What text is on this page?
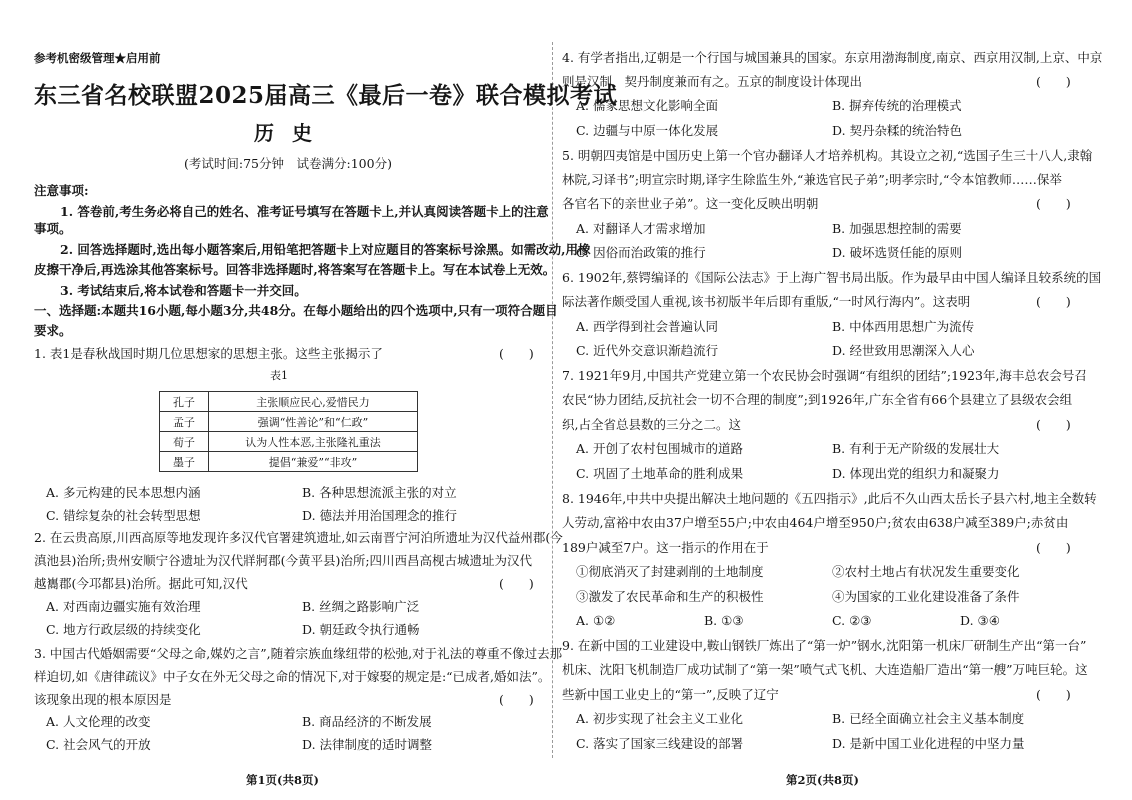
参考机密级管理★启用前
东三省名校联盟2025届高三《最后一卷》联合模拟考试
历史
(考试时间:75分钟　试卷满分:100分)
注意事项:
1. 答卷前,考生务必将自己的姓名、准考证号填写在答题卡上,并认真阅读答题卡上的注意
事项。
2. 回答选择题时,选出每小题答案后,用铅笔把答题卡上对应题目的答案标号涂黑。如需改动,用橡
皮擦干净后,再选涂其他答案标号。回答非选择题时,将答案写在答题卡上。写在本试卷上无效。
3. 考试结束后,将本试卷和答题卡一并交回。
一、选择题:本题共16小题,每小题3分,共48分。在每小题给出的四个选项中,只有一项符合题目
要求。
1. 表1是春秋战国时期几位思想家的思想主张。这些主张揭示了	(　　)
表1
孔子	主张顺应民心,爱惜民力
孟子	强调“性善论”和“仁政”
荀子	认为人性本恶,主张隆礼重法
墨子	提倡“兼爱”“非攻”
A. 多元构建的民本思想内涵	B. 各种思想流派主张的对立
C. 错综复杂的社会转型思想	D. 德法并用治国理念的推行
2. 在云贵高原,川西高原等地发现许多汉代官署建筑遗址,如云南晋宁河泊所遗址为汉代益州郡(今
滇池县)治所;贵州安顺宁谷遗址为汉代牂牁郡(今黄平县)治所;四川西昌高枧古城遗址为汉代
越巂郡(今邛都县)治所。据此可知,汉代	(　　)
A. 对西南边疆实施有效治理	B. 丝绸之路影响广泛
C. 地方行政层级的持续变化	D. 朝廷政令执行通畅
3. 中国古代婚姻需要“父母之命,媒妁之言”,随着宗族血缘纽带的松弛,对于礼法的尊重不像过去那
样迫切,如《唐律疏议》中子女在外无父母之命的情况下,对于嫁娶的规定是:“已成者,婚如法”。
该现象出现的根本原因是	(　　)
A. 人文伦理的改变	B. 商品经济的不断发展
C. 社会风气的开放	D. 法律制度的适时调整
4. 有学者指出,辽朝是一个行国与城国兼具的国家。东京用渤海制度,南京、西京用汉制,上京、中京
则是汉制、契丹制度兼而有之。五京的制度设计体现出	(　　)
A. 儒家思想文化影响全面	B. 摒弃传统的治理模式
C. 边疆与中原一体化发展	D. 契丹杂糅的统治特色
5. 明朝四夷馆是中国历史上第一个官办翻译人才培养机构。其设立之初,“选国子生三十八人,隶翰
林院,习译书”;明宣宗时期,译字生除监生外,“兼选官民子弟”;明孝宗时,“令本馆教师……保举
各官名下的亲世业子弟”。这一变化反映出明朝	(　　)
A. 对翻译人才需求增加	B. 加强思想控制的需要
C. 因俗而治政策的推行	D. 破坏选贤任能的原则
6. 1902年,蔡锷编译的《国际公法志》于上海广智书局出版。作为最早由中国人编译且较系统的国
际法著作颇受国人重视,该书初版半年后即有重版,“一时风行海内”。这表明	(　　)
A. 西学得到社会普遍认同	B. 中体西用思想广为流传
C. 近代外交意识渐趋流行	D. 经世致用思潮深入人心
7. 1921年9月,中国共产党建立第一个农民协会时强调“有组织的团结”;1923年,海丰总农会号召
农民“协力团结,反抗社会一切不合理的制度”;到1926年,广东全省有66个县建立了县级农会组
织,占全省总县数的三分之二。这	(　　)
A. 开创了农村包围城市的道路	B. 有利于无产阶级的发展壮大
C. 巩固了土地革命的胜利成果	D. 体现出党的组织力和凝聚力
8. 1946年,中共中央提出解决土地问题的《五四指示》,此后不久山西太岳长子县六村,地主全数转
人劳动,富裕中农由37户增至55户;中农由464户增至950户;贫农由638户减至389户;赤贫由
189户减至7户。这一指示的作用在于	(　　)
①彻底消灭了封建剥削的土地制度	②农村土地占有状况发生重要变化
③激发了农民革命和生产的积极性	④为国家的工业化建设准备了条件
A. ①②	B. ①③	C. ②③	D. ③④
9. 在新中国的工业建设中,鞍山钢铁厂炼出了“第一炉”钢水,沈阳第一机床厂研制生产出“第一台”
机床、沈阳飞机制造厂成功试制了“第一架”喷气式飞机、大连造船厂造出“第一艘”万吨巨轮。这
些新中国工业史上的“第一”,反映了辽宁	(　　)
A. 初步实现了社会主义工业化	B. 已经全面确立社会主义基本制度
C. 落实了国家三线建设的部署	D. 是新中国工业化进程的中坚力量
第1页(共8页)	第2页(共8页)
